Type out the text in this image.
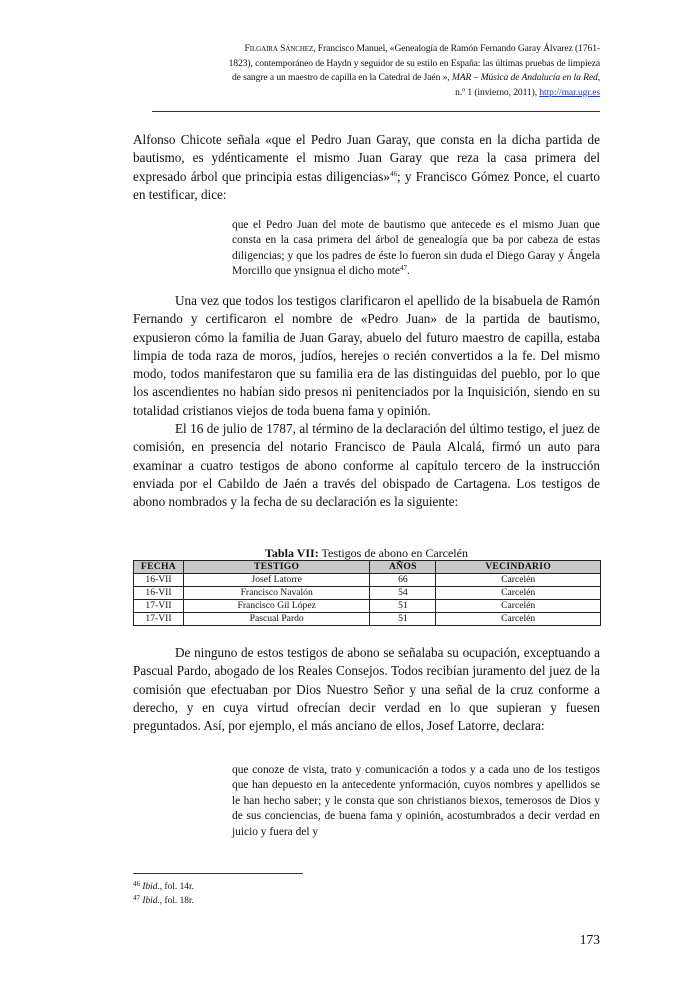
Filgaira Sánchez, Francisco Manuel, «Genealogía de Ramón Fernando Garay Álvarez (1761-
1823), contemporáneo de Haydn y seguidor de su estilo en España: las últimas pruebas de limpieza
de sangre a un maestro de capilla en la Catedral de Jaén », MAR – Música de Andalucía en la Red,
n.º 1 (invierno, 2011), http://mar.ugr.es

Alfonso Chicote señala «que el Pedro Juan Garay, que consta en la dicha partida de bautismo, es ydénticamente el mismo Juan Garay que reza la casa primera del expresado árbol que principia estas diligencias»$^{46}$; y Francisco Gómez Ponce, el cuarto en testificar, dice:

que el Pedro Juan del mote de bautismo que antecede es el mismo Juan que consta en la casa primera del árbol de genealogía que ba por cabeza de estas diligencias; y que los padres de éste lo fueron sin duda el Diego Garay y Ángela Morcillo que ynsignua el dicho mote$^{47}$.

Una vez que todos los testigos clarificaron el apellido de la bisabuela de Ramón Fernando y certificaron el nombre de «Pedro Juan» de la partida de bautismo, expusieron cómo la familia de Juan Garay, abuelo del futuro maestro de capilla, estaba limpia de toda raza de moros, judíos, herejes o recién convertidos a la fe. Del mismo modo, todos manifestaron que su familia era de las distinguidas del pueblo, por lo que los ascendientes no habían sido presos ni penitenciados por la Inquisición, siendo en su totalidad cristianos viejos de toda buena fama y opinión.

El 16 de julio de 1787, al término de la declaración del último testigo, el juez de comisión, en presencia del notario Francisco de Paula Alcalá, firmó un auto para examinar a cuatro testigos de abono conforme al capítulo tercero de la instrucción enviada por el Cabildo de Jaén a través del obispado de Cartagena. Los testigos de abono nombrados y la fecha de su declaración es la siguiente:

Tabla VII: Testigos de abono en Carcelén
FECHA	TESTIGO	AÑOS	VECINDARIO
16-VII	Josef Latorre	66	Carcelén
16-VII	Francisco Navalón	54	Carcelén
17-VII	Francisco Gil López	51	Carcelén
17-VII	Pascual Pardo	51	Carcelén

De ninguno de estos testigos de abono se señalaba su ocupación, exceptuando a Pascual Pardo, abogado de los Reales Consejos. Todos recibían juramento del juez de la comisión que efectuaban por Dios Nuestro Señor y una señal de la cruz conforme a derecho, y en cuya virtud ofrecían decir verdad en lo que supieran y fuesen preguntados. Así, por ejemplo, el más anciano de ellos, Josef Latorre, declara:

que conoze de vista, trato y comunicación a todos y a cada uno de los testigos que han depuesto en la antecedente ynformación, cuyos nombres y apellidos se le han hecho saber; y le consta que son christianos biexos, temerosos de Dios y de sus conciencias, de buena fama y opinión, acostumbrados a decir verdad en juicio y fuera del y
$^{46}$ Ibid., fol. 14r.
$^{47}$ Ibid., fol. 18r.
173
